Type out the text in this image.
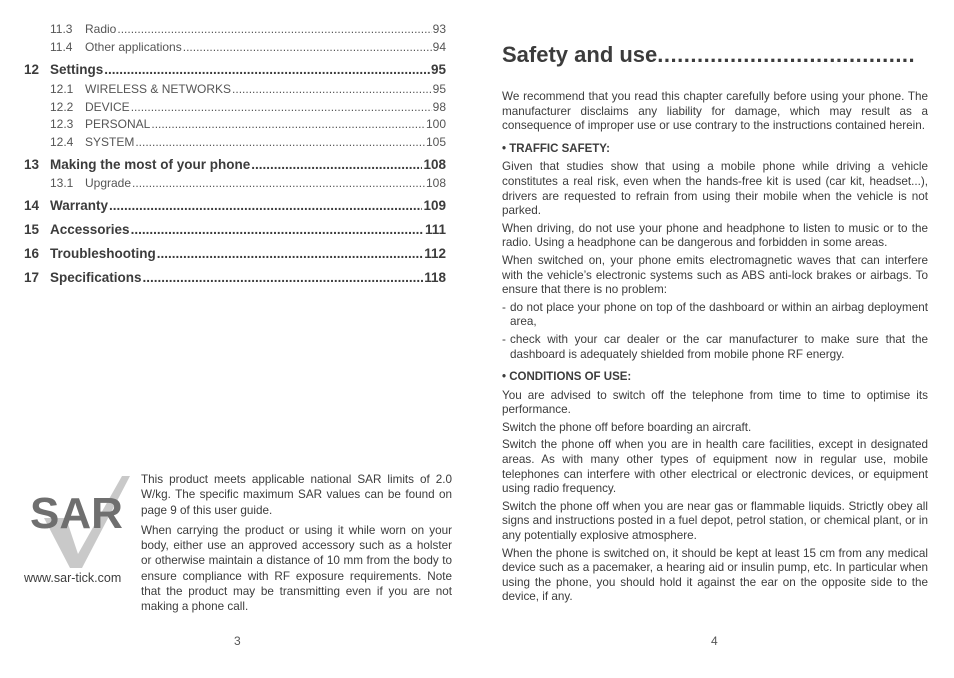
11.3	Radio .....	93
11.4	Other applications .....	94
12 Settings .....	95
12.1 WIRELESS & NETWORKS .....	95
12.2 DEVICE .....	98
12.3 PERSONAL .....	100
12.4 SYSTEM .....	105
13 Making the most of your phone .....	108
13.1 Upgrade .....	108
14 Warranty .....	109
15 Accessories .....	111
16 Troubleshooting .....	112
17 Specifications .....	118
SAR
www.sar-tick.com

This product meets applicable national SAR limits of 2.0 W/kg. The specific maximum SAR values can be found on page 9 of this user guide.

When carrying the product or using it while worn on your body, either use an approved accessory such as a holster or otherwise maintain a distance of 10 mm from the body to ensure compliance with RF exposure requirements. Note that the product may be transmitting even if you are not making a phone call.

3
Safety and use.......................................

We recommend that you read this chapter carefully before using your phone. The manufacturer disclaims any liability for damage, which may result as a consequence of improper use or use contrary to the instructions contained herein.

• TRAFFIC SAFETY:

Given that studies show that using a mobile phone while driving a vehicle constitutes a real risk, even when the hands-free kit is used (car kit, headset...), drivers are requested to refrain from using their mobile when the vehicle is not parked.

When driving, do not use your phone and headphone to listen to music or to the radio. Using a headphone can be dangerous and forbidden in some areas.

When switched on, your phone emits electromagnetic waves that can interfere with the vehicle’s electronic systems such as ABS anti-lock brakes or airbags. To ensure that there is no problem:

- do not place your phone on top of the dashboard or within an airbag deployment area,
- check with your car dealer or the car manufacturer to make sure that the dashboard is adequately shielded from mobile phone RF energy.

• CONDITIONS OF USE:

You are advised to switch off the telephone from time to time to optimise its performance.

Switch the phone off before boarding an aircraft.

Switch the phone off when you are in health care facilities, except in designated areas. As with many other types of equipment now in regular use, mobile telephones can interfere with other electrical or electronic devices, or equipment using radio frequency.

Switch the phone off when you are near gas or flammable liquids. Strictly obey all signs and instructions posted in a fuel depot, petrol station, or chemical plant, or in any potentially explosive atmosphere.

When the phone is switched on, it should be kept at least 15 cm from any medical device such as a pacemaker, a hearing aid or insulin pump, etc. In particular when using the phone, you should hold it against the ear on the opposite side to the device, if any.

4
